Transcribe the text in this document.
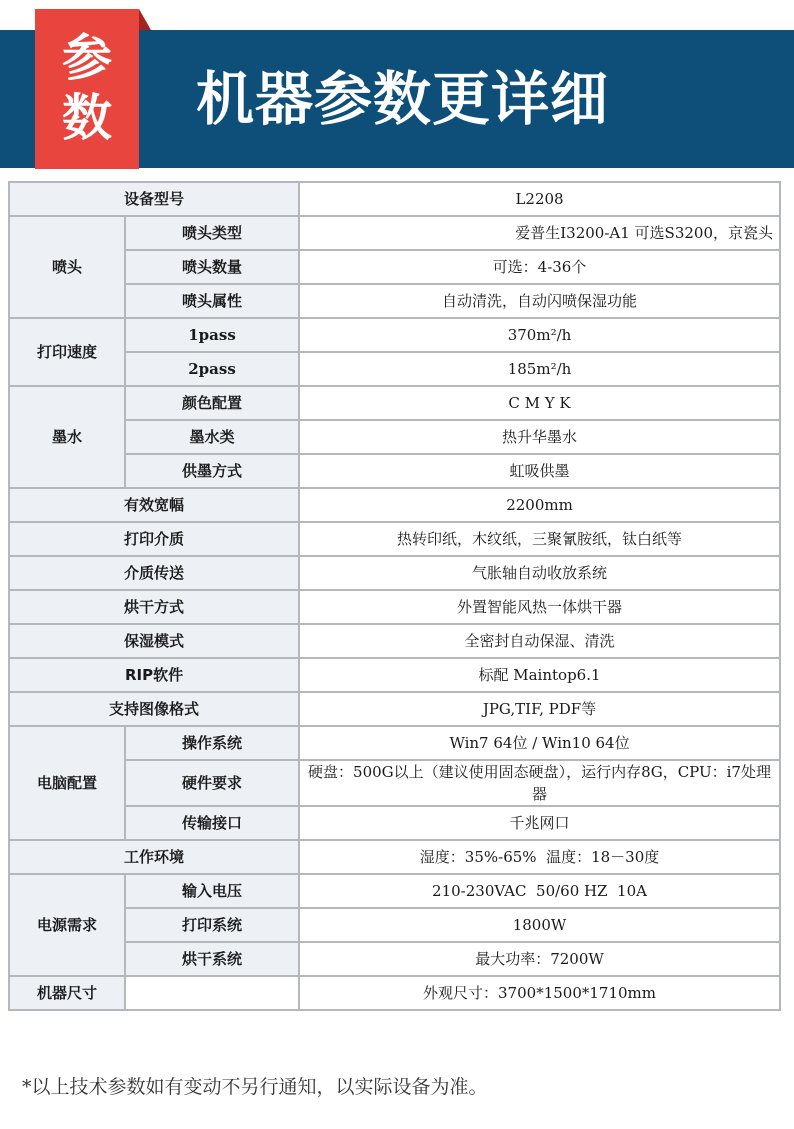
参
数	机器参数更详细
设备型号		L2208
喷头	喷头类型	爱普生I3200-A1 可选S3200，京瓷头
	喷头数量	可选：4-36个
	喷头属性	自动清洗，自动闪喷保湿功能
打印速度	1pass	370m²/h
	2pass	185m²/h
墨水	颜色配置	C M Y K
	墨水类	热升华墨水
	供墨方式	虹吸供墨
有效宽幅		2200mm
打印介质		热转印纸，木纹纸，三聚氰胺纸，钛白纸等
介质传送		气胀轴自动收放系统
烘干方式		外置智能风热一体烘干器
保湿模式		全密封自动保湿、清洗
RIP软件		标配 Maintop6.1
支持图像格式		JPG,TIF, PDF等
电脑配置	操作系统	Win7 64位 / Win10 64位
	硬件要求	硬盘：500G以上（建议使用固态硬盘），运行内存8G，CPU：i7处理器
	传输接口	千兆网口
工作环境		湿度：35%-65%  温度：18－30度
电源需求	输入电压	210-230VAC  50/60 HZ  10A
	打印系统	1800W
	烘干系统	最大功率：7200W
机器尺寸		外观尺寸：3700*1500*1710mm
*以上技术参数如有变动不另行通知，以实际设备为准。
